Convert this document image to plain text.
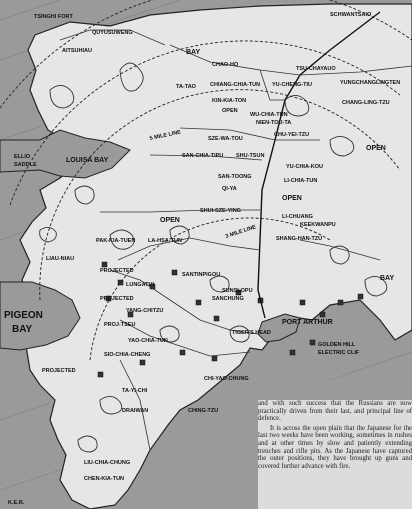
TSINGHI FORT	SCHWANTSAIO
QUYUSUWENG
AITSUHIAU
CHAO-HO
TSU-CHAYAUO
YUNGCHANGLINGTEN
CHIANG-CHIA-TUN YU-CHENG-TIU
TA-TAO
KIN-KIA-TON	CHANG-LING-TZU
OPEN
WU-CHIA-TUN
NIEN-TOU-TA
LOUISA BAY
5 MILE LINE	SZE-WA-TOU
CHU-YEI-TZU
OPEN
SAN-CHIA-TIPU SHU-TSUN
YU-CHIA-KOU
LI-CHIA-TUN
ELLIO
SADDLE
SAN-TOONG
QI-YA
OPEN
OPEN
SHUI-SZE-YING
3 MILE LINE
LI-CHUANG
KEEKWANPU
SHANG-HAN-TZU
PAK-KIA-TUEN LA-HSA-TUN
LIAU-NIAU
PROJECTED
LUNGATUI
PROJECTED
SANTINPIGOU
SANCHUNG
PIGEON
BAY
YANG-CHITZU
PROJ-TSEU
YAO-CHIA-TUN
SIO-CHIA-CHENG
SUNSLOPU
PORT ARTHUR
GOLDEN HILL
ELECTRIC CLIF
TIGER'S HEAD
CHI-YAO-CHUNG
PROJECTED
TA-YI-CHI
DRAIWAN	CHING-TZU
LIU-CHIA-CHUNG
CHEN-KIA-TUN
BAY
K.E.R.
BAY

and with such success that the Russians are now practically driven from their last, and principal line of defence.

It is across the open plain that the Japanese for the last two weeks have been working, sometimes in rushes and at other times by slow and patiently extending trenches and rifle pits. As the Japanese have captured the outer positions, they have brought up guns and covered further advance with fire.
